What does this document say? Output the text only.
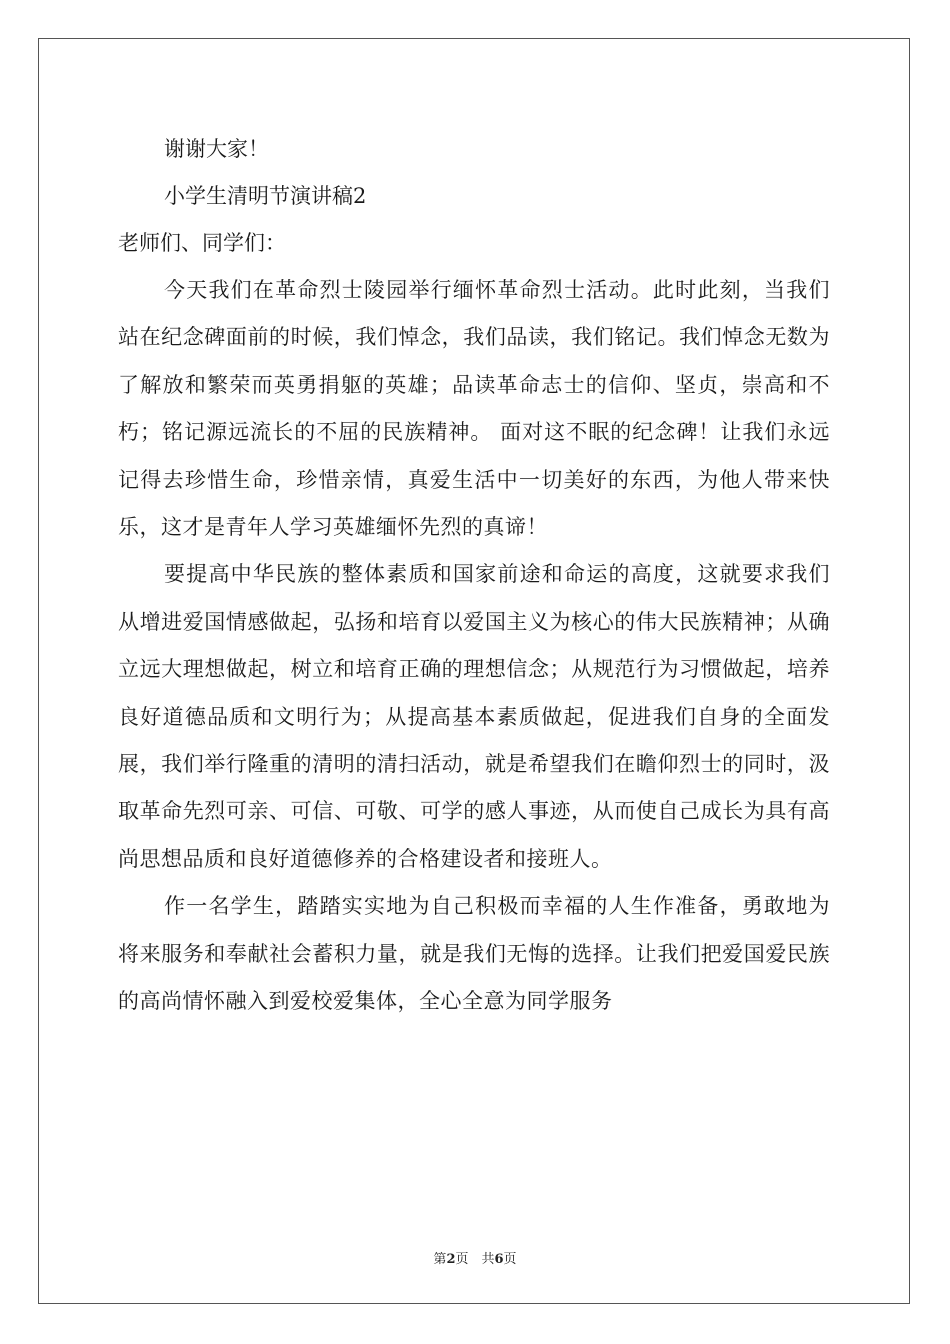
谢谢大家！
小学生清明节演讲稿2
老师们、同学们：

今天我们在革命烈士陵园举行缅怀革命烈士活动。此时此刻，当我们站在纪念碑面前的时候，我们悼念，我们品读，我们铭记。我们悼念无数为了解放和繁荣而英勇捐躯的英雄；品读革命志士的信仰、坚贞，崇高和不朽；铭记源远流长的不屈的民族精神。 面对这不眠的纪念碑！让我们永远记得去珍惜生命，珍惜亲情，真爱生活中一切美好的东西，为他人带来快乐，这才是青年人学习英雄缅怀先烈的真谛！

要提高中华民族的整体素质和国家前途和命运的高度，这就要求我们从增进爱国情感做起，弘扬和培育以爱国主义为核心的伟大民族精神；从确立远大理想做起，树立和培育正确的理想信念；从规范行为习惯做起，培养良好道德品质和文明行为；从提高基本素质做起，促进我们自身的全面发展，我们举行隆重的清明的清扫活动，就是希望我们在瞻仰烈士的同时，汲取革命先烈可亲、可信、可敬、可学的感人事迹，从而使自己成长为具有高尚思想品质和良好道德修养的合格建设者和接班人。

作一名学生，踏踏实实地为自己积极而幸福的人生作准备，勇敢地为将来服务和奉献社会蓄积力量，就是我们无悔的选择。让我们把爱国爱民族的高尚情怀融入到爱校爱集体，全心全意为同学服务

第2页　共6页
